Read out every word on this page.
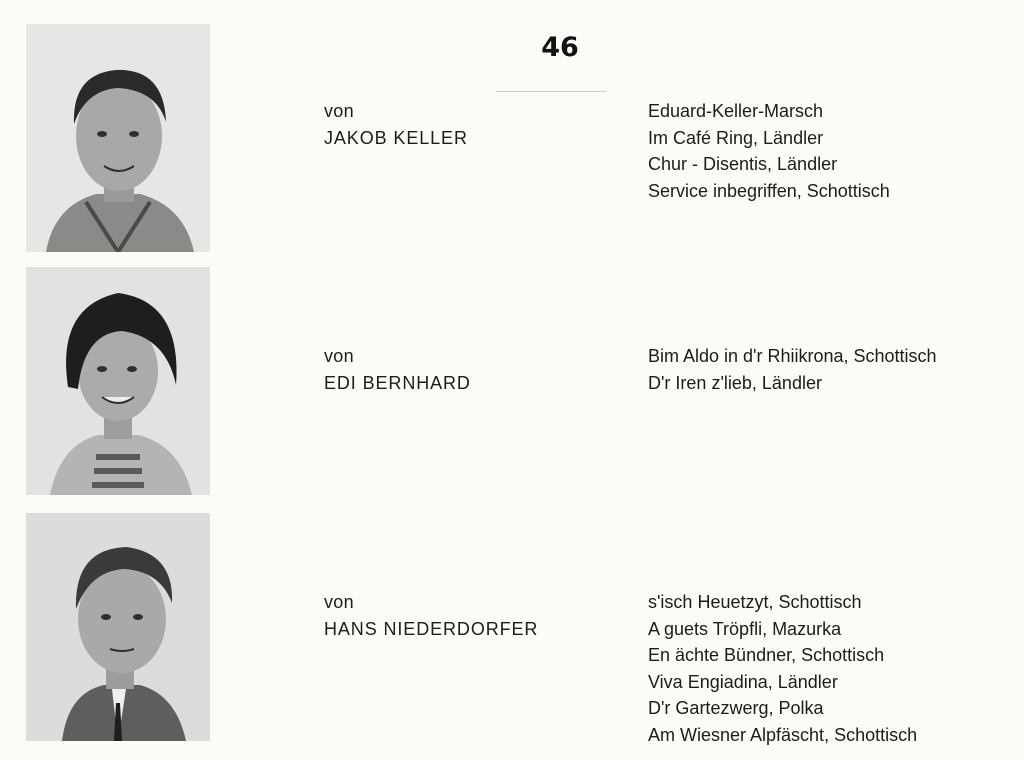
46
von
JAKOB KELLER
Eduard-Keller-Marsch
Im Café Ring, Ländler
Chur - Disentis, Ländler
Service inbegriffen, Schottisch
von
EDI BERNHARD
Bim Aldo in d'r Rhiikrona, Schottisch
D'r Iren z'lieb, Ländler
von
HANS NIEDERDORFER
s'isch Heuetzyt, Schottisch
A guets Tröpfli, Mazurka
En ächte Bündner, Schottisch
Viva Engiadina, Ländler
D'r Gartezwerg, Polka
Am Wiesner Alpfäscht, Schottisch
